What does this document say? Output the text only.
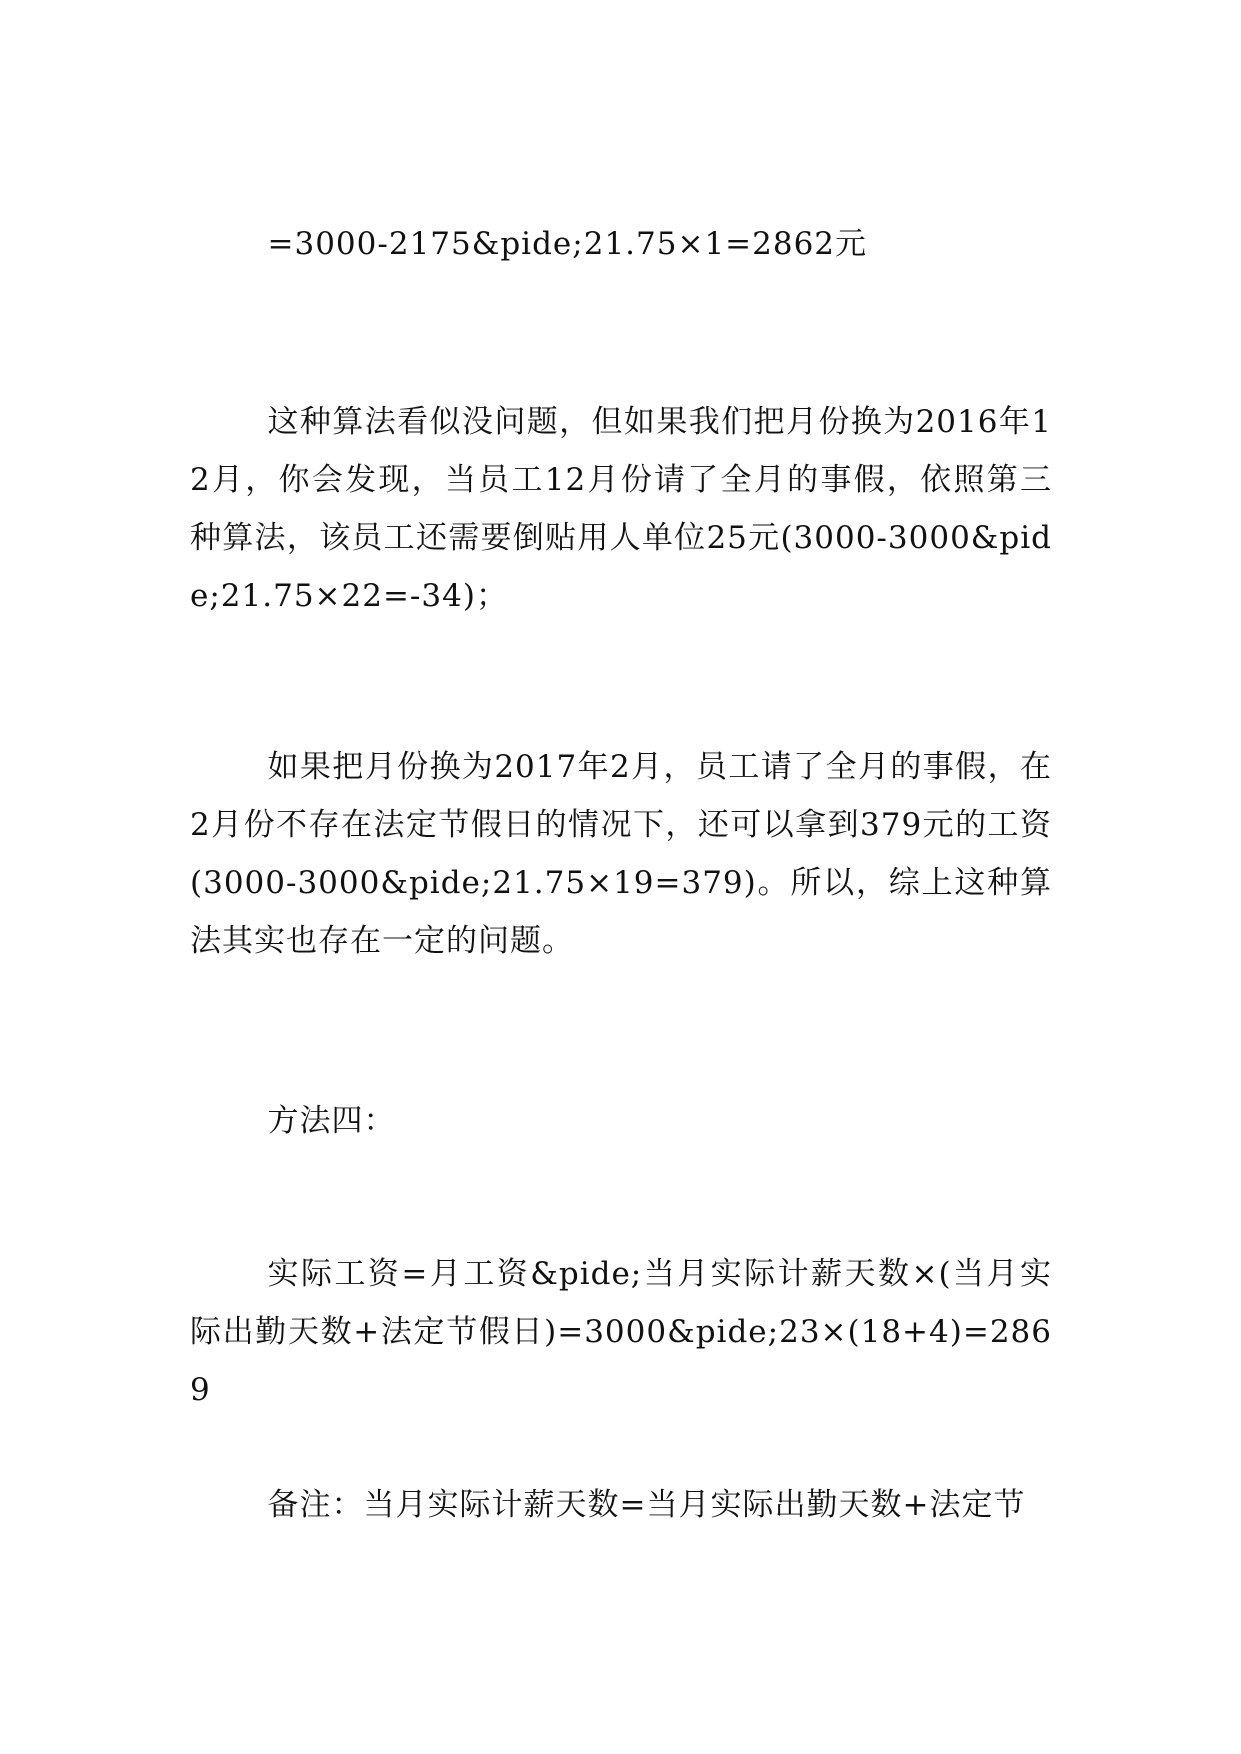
=3000-2175&pide;21.75×1=2862元

这种算法看似没问题，但如果我们把月份换为2016年12月，你会发现，当员工12月份请了全月的事假，依照第三种算法，该员工还需要倒贴用人单位25元(3000-3000&pide;21.75×22=-34)；

如果把月份换为2017年2月，员工请了全月的事假，在2月份不存在法定节假日的情况下，还可以拿到379元的工资(3000-3000&pide;21.75×19=379)。所以，综上这种算法其实也存在一定的问题。

方法四：

实际工资=月工资&pide;当月实际计薪天数×(当月实际出勤天数+法定节假日)=3000&pide;23×(18+4)=2869

备注：当月实际计薪天数=当月实际出勤天数+法定节
